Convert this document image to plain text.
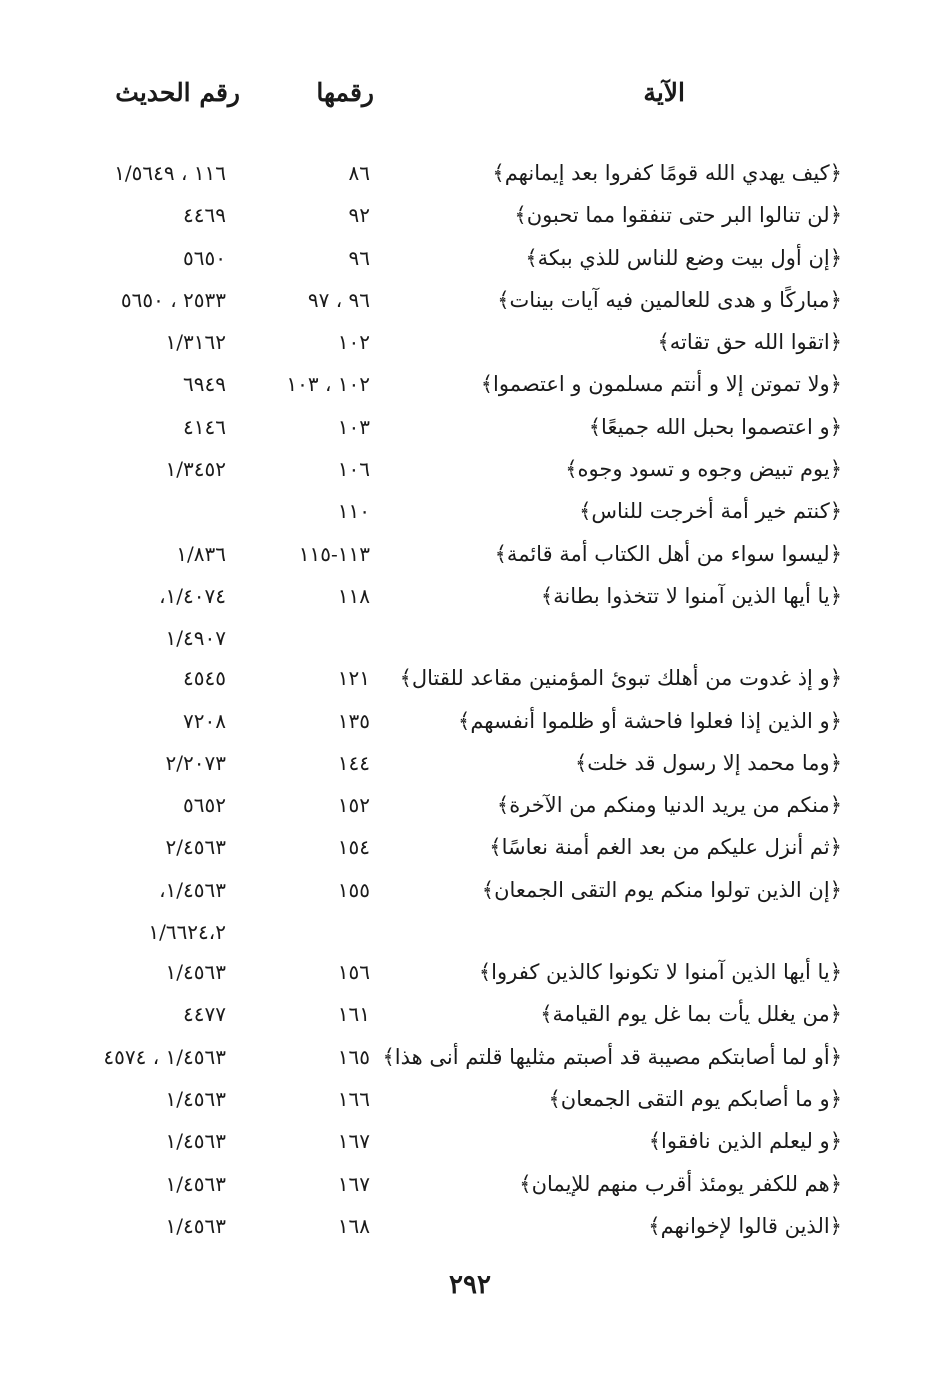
الآية
رقمها
رقم الحديث
﴿كيف يهدي الله قومًا كفروا بعد إيمانهم﴾
٨٦
١١٦ ، ١/٥٦٤٩
﴿لن تنالوا البر حتى تنفقوا مما تحبون﴾
٩٢
٤٤٦٩
﴿إن أول بيت وضع للناس للذي ببكة﴾
٩٦
٥٦٥٠
﴿مباركًا و هدى للعالمين فيه آيات بينات﴾
٩٦ ، ٩٧
٢٥٣٣ ، ٥٦٥٠
﴿اتقوا الله حق تقاته﴾
١٠٢
١/٣١٦٢
﴿ولا تموتن إلا و أنتم مسلمون و اعتصموا﴾
١٠٢ ، ١٠٣
٦٩٤٩
﴿و اعتصموا بحبل الله جميعًا﴾
١٠٣
٤١٤٦
﴿يوم تبيض وجوه و تسود وجوه﴾
١٠٦
١/٣٤٥٢
﴿كنتم خير أمة أخرجت للناس﴾
١١٠
﴿ليسوا سواء من أهل الكتاب أمة قائمة﴾
١١٣-١١٥
١/٨٣٦
﴿يا أيها الذين آمنوا لا تتخذوا بطانة﴾
١١٨
١/٤٠٧٤،
١/٤٩٠٧
﴿و إذ غدوت من أهلك تبوئ المؤمنين مقاعد للقتال﴾
١٢١
٤٥٤٥
﴿و الذين إذا فعلوا فاحشة أو ظلموا أنفسهم﴾
١٣٥
٧٢٠٨
﴿وما محمد إلا رسول قد خلت﴾
١٤٤
٢/٢٠٧٣
﴿منكم من يريد الدنيا ومنكم من الآخرة﴾
١٥٢
٥٦٥٢
﴿ثم أنزل عليكم من بعد الغم أمنة نعاسًا﴾
١٥٤
٢/٤٥٦٣
﴿إن الذين تولوا منكم يوم التقى الجمعان﴾
١٥٥
١/٤٥٦٣،
١/٦٦٢٤،٢
﴿يا أيها الذين آمنوا لا تكونوا كالذين كفروا﴾
١٥٦
١/٤٥٦٣
﴿من يغلل يأت بما غل يوم القيامة﴾
١٦١
٤٤٧٧
﴿أو لما أصابتكم مصيبة قد أصبتم مثليها قلتم أنى هذا﴾
١٦٥
١/٤٥٦٣ ، ٤٥٧٤
﴿و ما أصابكم يوم التقى الجمعان﴾
١٦٦
١/٤٥٦٣
﴿و ليعلم الذين نافقوا﴾
١٦٧
١/٤٥٦٣
﴿هم للكفر يومئذ أقرب منهم للإيمان﴾
١٦٧
١/٤٥٦٣
﴿الذين قالوا لإخوانهم﴾
١٦٨
١/٤٥٦٣
٢٩٢
